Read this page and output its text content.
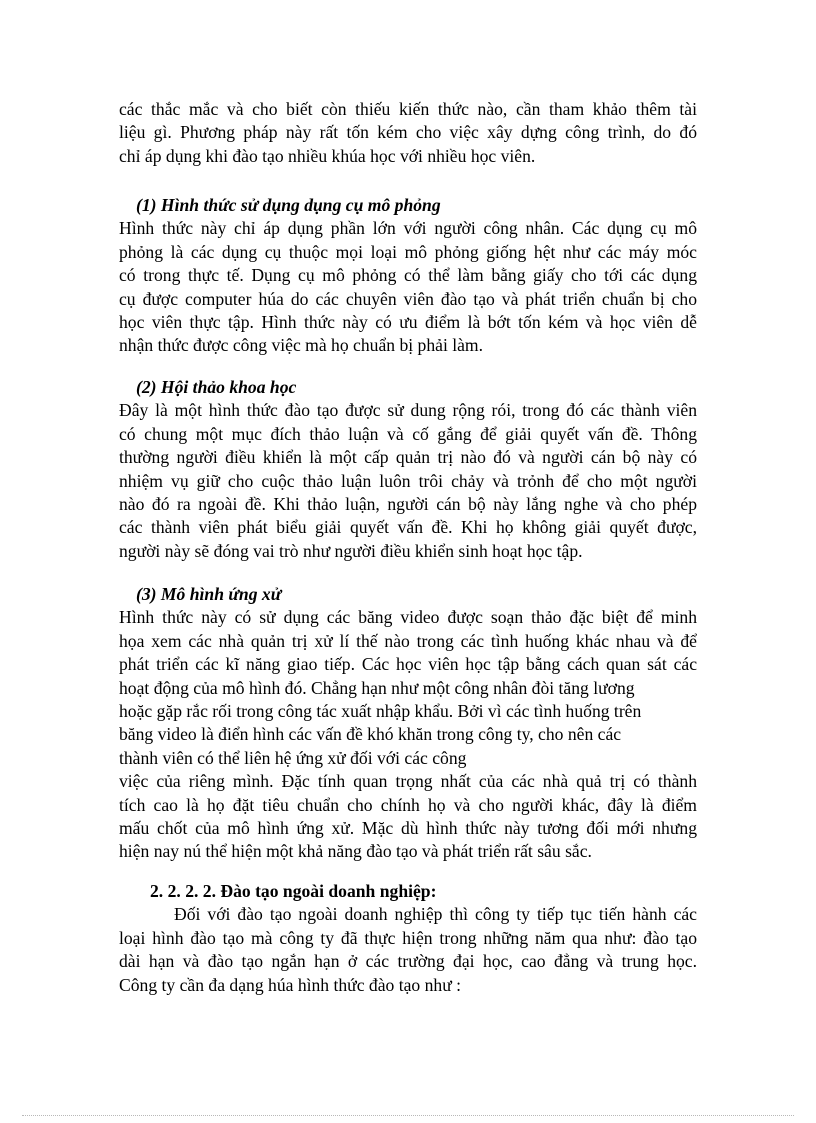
các thắc mắc và cho biết còn thiếu kiến thức nào, cần tham khảo thêm tài
liệu gì. Phương pháp này rất tốn kém cho việc xây dựng công trình, do đó
chỉ áp dụng khi đào tạo nhiều khúa học với nhiều học viên.
(1) Hình thức sử dụng dụng cụ mô phỏng
Hình thức này chỉ áp dụng phần lớn với người công nhân. Các dụng cụ mô
phỏng là các dụng cụ thuộc mọi loại mô phỏng giống hệt như các máy móc
có trong thực tế. Dụng cụ mô phỏng có thể làm bằng giấy cho tới các dụng
cụ được computer húa do các chuyên viên đào tạo và phát triển chuẩn bị cho
học viên thực tập. Hình thức này có ưu điểm là bớt tốn kém và học viên dễ
nhận thức được công việc mà họ chuẩn bị phải làm.
(2) Hội thảo khoa học
Đây là một hình thức đào tạo được sử dung rộng rói, trong đó các thành viên
có chung một mục đích thảo luận và cố gắng để giải quyết vấn đề. Thông
thường người điều khiển là một cấp quản trị nào đó và người cán bộ này có
nhiệm vụ giữ cho cuộc thảo luận luôn trôi chảy và trỏnh để cho một người
nào đó ra ngoài đề. Khi thảo luận, người cán bộ này lắng nghe và cho phép
các thành viên phát biểu giải quyết vấn đề. Khi họ không giải quyết được,
người này sẽ đóng vai trò như người điều khiển sinh hoạt học tập.
(3) Mô hình ứng xử
Hình thức này có sử dụng các băng video được soạn thảo đặc biệt để minh
họa xem các nhà quản trị xử lí thế nào trong các tình huống khác nhau và để
phát triển các kĩ năng giao tiếp. Các học viên học tập bằng cách quan sát các
hoạt động của mô hình đó. Chẳng hạn như một công nhân đòi tăng lương
hoặc gặp rắc rối trong công tác xuất nhập khẩu. Bởi vì các tình huống trên
băng video là điển hình các vấn đề khó khăn trong công ty, cho nên các
thành viên có thể liên hệ ứng xử đối với các công
việc của riêng mình. Đặc tính quan trọng nhất của các nhà quả trị có thành
tích cao là họ đặt tiêu chuẩn cho chính họ và cho người khác, đây là điểm
mấu chốt của mô hình ứng xử. Mặc dù hình thức này tương đối mới nhưng
hiện nay nú thể hiện một khả năng đào tạo và phát triển rất sâu sắc.
2. 2. 2. 2. Đào tạo ngoài doanh nghiệp:
Đối với đào tạo ngoài doanh nghiệp thì công ty tiếp tục tiến hành các
loại hình đào tạo mà công ty đã thực hiện trong những năm qua như: đào tạo
dài hạn và đào tạo ngắn hạn ở các trường đại học, cao đẳng và trung học.
Công ty cần đa dạng húa hình thức đào tạo như :
